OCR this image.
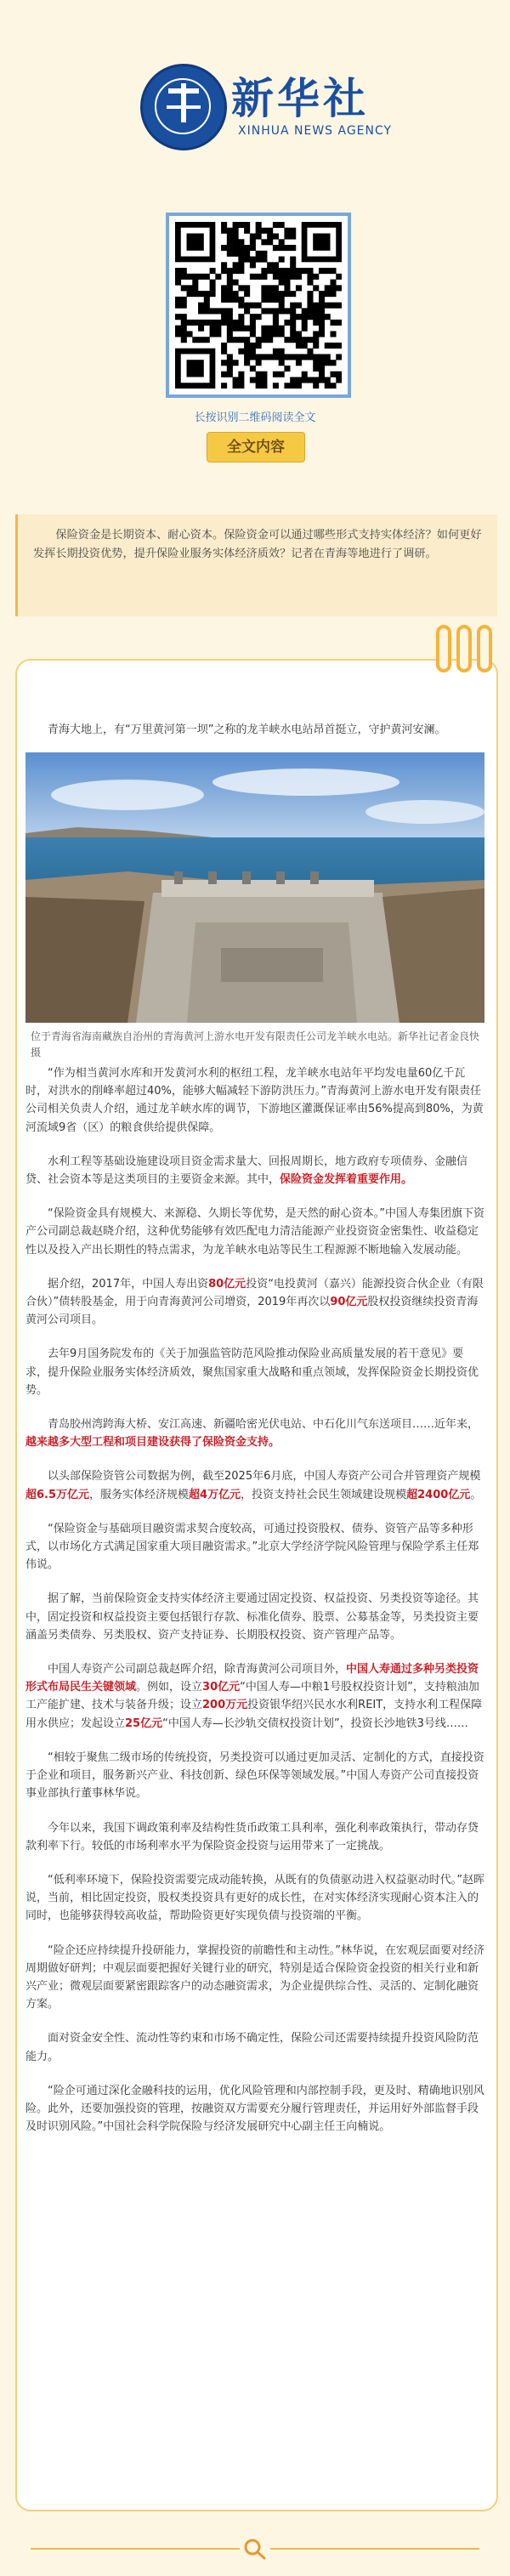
新华社
XINHUA NEWS AGENCY
长按识别二维码阅读全文
全文内容
保险资金是长期资本、耐心资本。保险资金可以通过哪些形式支持实体经济？如何更好发挥长期投资优势，提升保险业服务实体经济质效？记者在青海等地进行了调研。

青海大地上，有“万里黄河第一坝”之称的龙羊峡水电站昂首挺立，守护黄河安澜。

位于青海省海南藏族自治州的青海黄河上游水电开发有限责任公司龙羊峡水电站。新华社记者金良快 摄

“作为相当黄河水库和开发黄河水利的枢纽工程，龙羊峡水电站年平均发电量60亿千瓦时，对洪水的削峰率超过40%，能够大幅减轻下游防洪压力。”青海黄河上游水电开发有限责任公司相关负责人介绍，通过龙羊峡水库的调节，下游地区灌溉保证率由56%提高到80%，为黄河流域9省（区）的粮食供给提供保障。

水利工程等基础设施建设项目资金需求量大、回报周期长，地方政府专项债券、金融信贷、社会资本等是这类项目的主要资金来源。其中，保险资金发挥着重要作用。

“保险资金具有规模大、来源稳、久期长等优势，是天然的耐心资本。”中国人寿集团旗下资产公司副总裁赵晓介绍，这种优势能够有效匹配电力清洁能源产业投资资金密集性、收益稳定性以及投入产出长期性的特点需求，为龙羊峡水电站等民生工程源源不断地输入发展动能。

据介绍，2017年，中国人寿出资80亿元投资“电投黄河（嘉兴）能源投资合伙企业（有限合伙）”债转股基金，用于向青海黄河公司增资，2019年再次以90亿元股权投资继续投资青海黄河公司项目。

去年9月国务院发布的《关于加强监管防范风险推动保险业高质量发展的若干意见》要求，提升保险业服务实体经济质效，聚焦国家重大战略和重点领域，发挥保险资金长期投资优势。

青岛胶州湾跨海大桥、安江高速、新疆哈密光伏电站、中石化川气东送项目……近年来，越来越多大型工程和项目建设获得了保险资金支持。

以头部保险资管公司数据为例，截至2025年6月底，中国人寿资产公司合并管理资产规模超6.5万亿元，服务实体经济规模超4万亿元，投资支持社会民生领域建设规模超2400亿元。

“保险资金与基础项目融资需求契合度较高，可通过投资股权、债券、资管产品等多种形式，以市场化方式满足国家重大项目融资需求。”北京大学经济学院风险管理与保险学系主任郑伟说。

据了解，当前保险资金支持实体经济主要通过固定投资、权益投资、另类投资等途径。其中，固定投资和权益投资主要包括银行存款、标准化债券、股票、公募基金等，另类投资主要涵盖另类债券、另类股权、资产支持证券、长期股权投资、资产管理产品等。

中国人寿资产公司副总裁赵晖介绍，除青海黄河公司项目外，中国人寿通过多种另类投资形式布局民生关键领域。例如，设立30亿元“中国人寿—中粮1号股权投资计划”，支持粮油加工产能扩建、技术与装备升级；设立200万元投资银华绍兴民水水利REIT，支持水利工程保障用水供应；发起设立25亿元“中国人寿—长沙轨交债权投资计划”，投资长沙地铁3号线……

“相较于聚焦二级市场的传统投资，另类投资可以通过更加灵活、定制化的方式，直接投资于企业和项目，服务新兴产业、科技创新、绿色环保等领域发展。”中国人寿资产公司直接投资事业部执行董事林华说。

今年以来，我国下调政策利率及结构性货币政策工具利率，强化利率政策执行，带动存贷款利率下行。较低的市场利率水平为保险资金投资与运用带来了一定挑战。

“低利率环境下，保险投资需要完成动能转换，从既有的负债驱动进入权益驱动时代。”赵晖说，当前，相比固定投资，股权类投资具有更好的成长性，在对实体经济实现耐心资本注入的同时，也能够获得较高收益，帮助险资更好实现负债与投资端的平衡。

“险企还应持续提升投研能力，掌握投资的前瞻性和主动性。”林华说，在宏观层面要对经济周期做好研判；中观层面要把握好关键行业的研究，特别是适合保险资金投资的相关行业和新兴产业；微观层面要紧密跟踪客户的动态融资需求，为企业提供综合性、灵活的、定制化融资方案。

面对资金安全性、流动性等约束和市场不确定性，保险公司还需要持续提升投资风险防范能力。

“险企可通过深化金融科技的运用，优化风险管理和内部控制手段，更及时、精确地识别风险。此外，还要加强投资的管理，按融资双方需要充分履行管理责任，并运用好外部监督手段及时识别风险。”中国社会科学院保险与经济发展研究中心副主任王向楠说。
